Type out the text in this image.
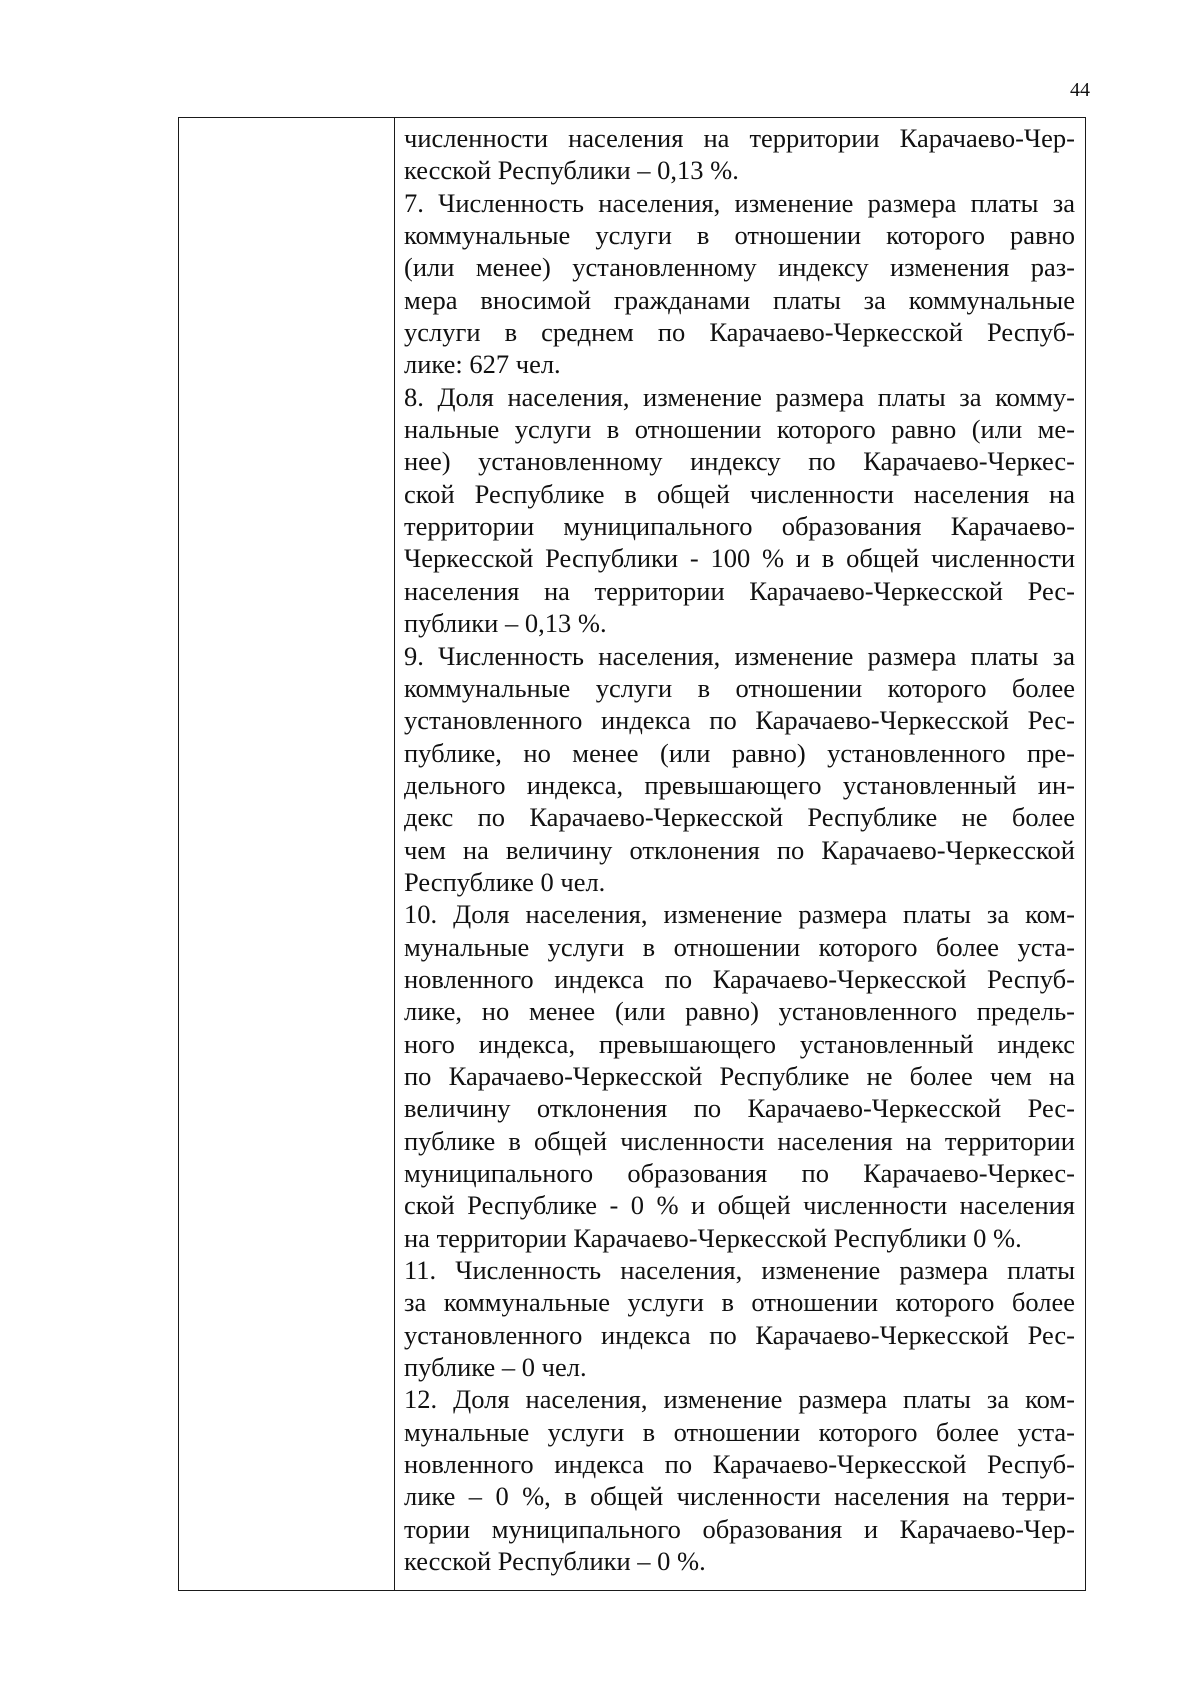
44
численности населения на территории Карачаево-Чер-
кесской Республики – 0,13 %.
7. Численность населения, изменение размера платы за
коммунальные услуги в отношении которого равно
(или менее) установленному индексу изменения раз-
мера вносимой гражданами платы за коммунальные
услуги в среднем по Карачаево-Черкесской Респуб-
лике: 627 чел.
8. Доля населения, изменение размера платы за комму-
нальные услуги в отношении которого равно (или ме-
нее) установленному индексу по Карачаево-Черкес-
ской Республике в общей численности населения на
территории муниципального образования Карачаево-
Черкесской Республики - 100 % и в общей численности
населения на территории Карачаево-Черкесской Рес-
публики – 0,13 %.
9. Численность населения, изменение размера платы за
коммунальные услуги в отношении которого более
установленного индекса по Карачаево-Черкесской Рес-
публике, но менее (или равно) установленного пре-
дельного индекса, превышающего установленный ин-
декс по Карачаево-Черкесской Республике не более
чем на величину отклонения по Карачаево-Черкесской
Республике 0 чел.
10. Доля населения, изменение размера платы за ком-
мунальные услуги в отношении которого более уста-
новленного индекса по Карачаево-Черкесской Респуб-
лике, но менее (или равно) установленного предель-
ного индекса, превышающего установленный индекс
по Карачаево-Черкесской Республике не более чем на
величину отклонения по Карачаево-Черкесской Рес-
публике в общей численности населения на территории
муниципального образования по Карачаево-Черкес-
ской Республике - 0 % и общей численности населения
на территории Карачаево-Черкесской Республики 0 %.
11. Численность населения, изменение размера платы
за коммунальные услуги в отношении которого более
установленного индекса по Карачаево-Черкесской Рес-
публике – 0 чел.
12. Доля населения, изменение размера платы за ком-
мунальные услуги в отношении которого более уста-
новленного индекса по Карачаево-Черкесской Респуб-
лике – 0 %, в общей численности населения на терри-
тории муниципального образования и Карачаево-Чер-
кесской Республики – 0 %.
